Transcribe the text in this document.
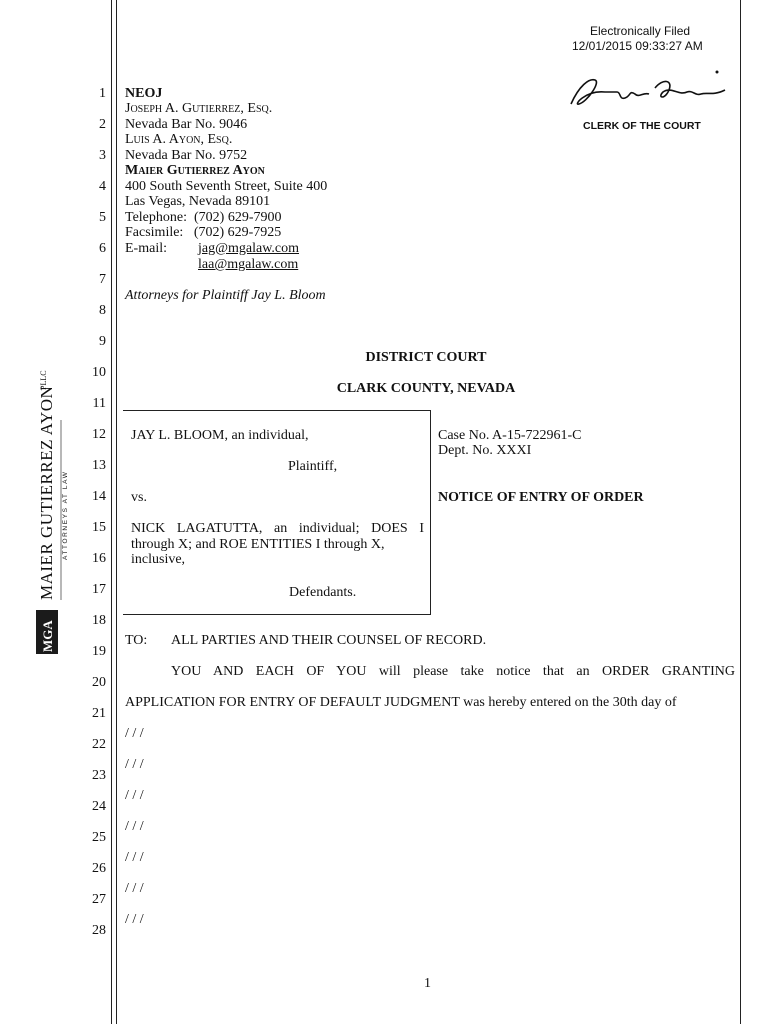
Electronically Filed
12/01/2015 09:33:27 AM
CLERK OF THE COURT
1
2
3
4
5
6
7
8
9
10
11
12
13
14
15
16
17
18
19
20
21
22
23
24
25
26
27
28
NEOJ
Joseph A. Gutierrez, Esq.
Nevada Bar No. 9046
Luis A. Ayon, Esq.
Nevada Bar No. 9752
Maier Gutierrez Ayon
400 South Seventh Street, Suite 400
Las Vegas, Nevada 89101
Telephone:  (702) 629-7900
Facsimile:   (702) 629-7925
E-mail: jag@mgalaw.com
laa@mgalaw.com
Attorneys for Plaintiff Jay L. Bloom
DISTRICT COURT
CLARK COUNTY, NEVADA
JAY L. BLOOM, an individual,
Plaintiff,
vs.
NICK LAGATUTTA, an individual; DOES I
through X; and ROE ENTITIES I through X,
inclusive,
Defendants.
Case No. A-15-722961-C
Dept. No. XXXI
NOTICE OF ENTRY OF ORDER
TO: ALL PARTIES AND THEIR COUNSEL OF RECORD.
YOU AND EACH OF YOU will please take notice that an ORDER GRANTING
APPLICATION FOR ENTRY OF DEFAULT JUDGMENT was hereby entered on the 30th day of
/ / /
/ / /
/ / /
/ / /
/ / /
/ / /
/ / /
1
MGA
MAIER GUTIERREZ AYON
PLLC
ATTORNEYS AT LAW
